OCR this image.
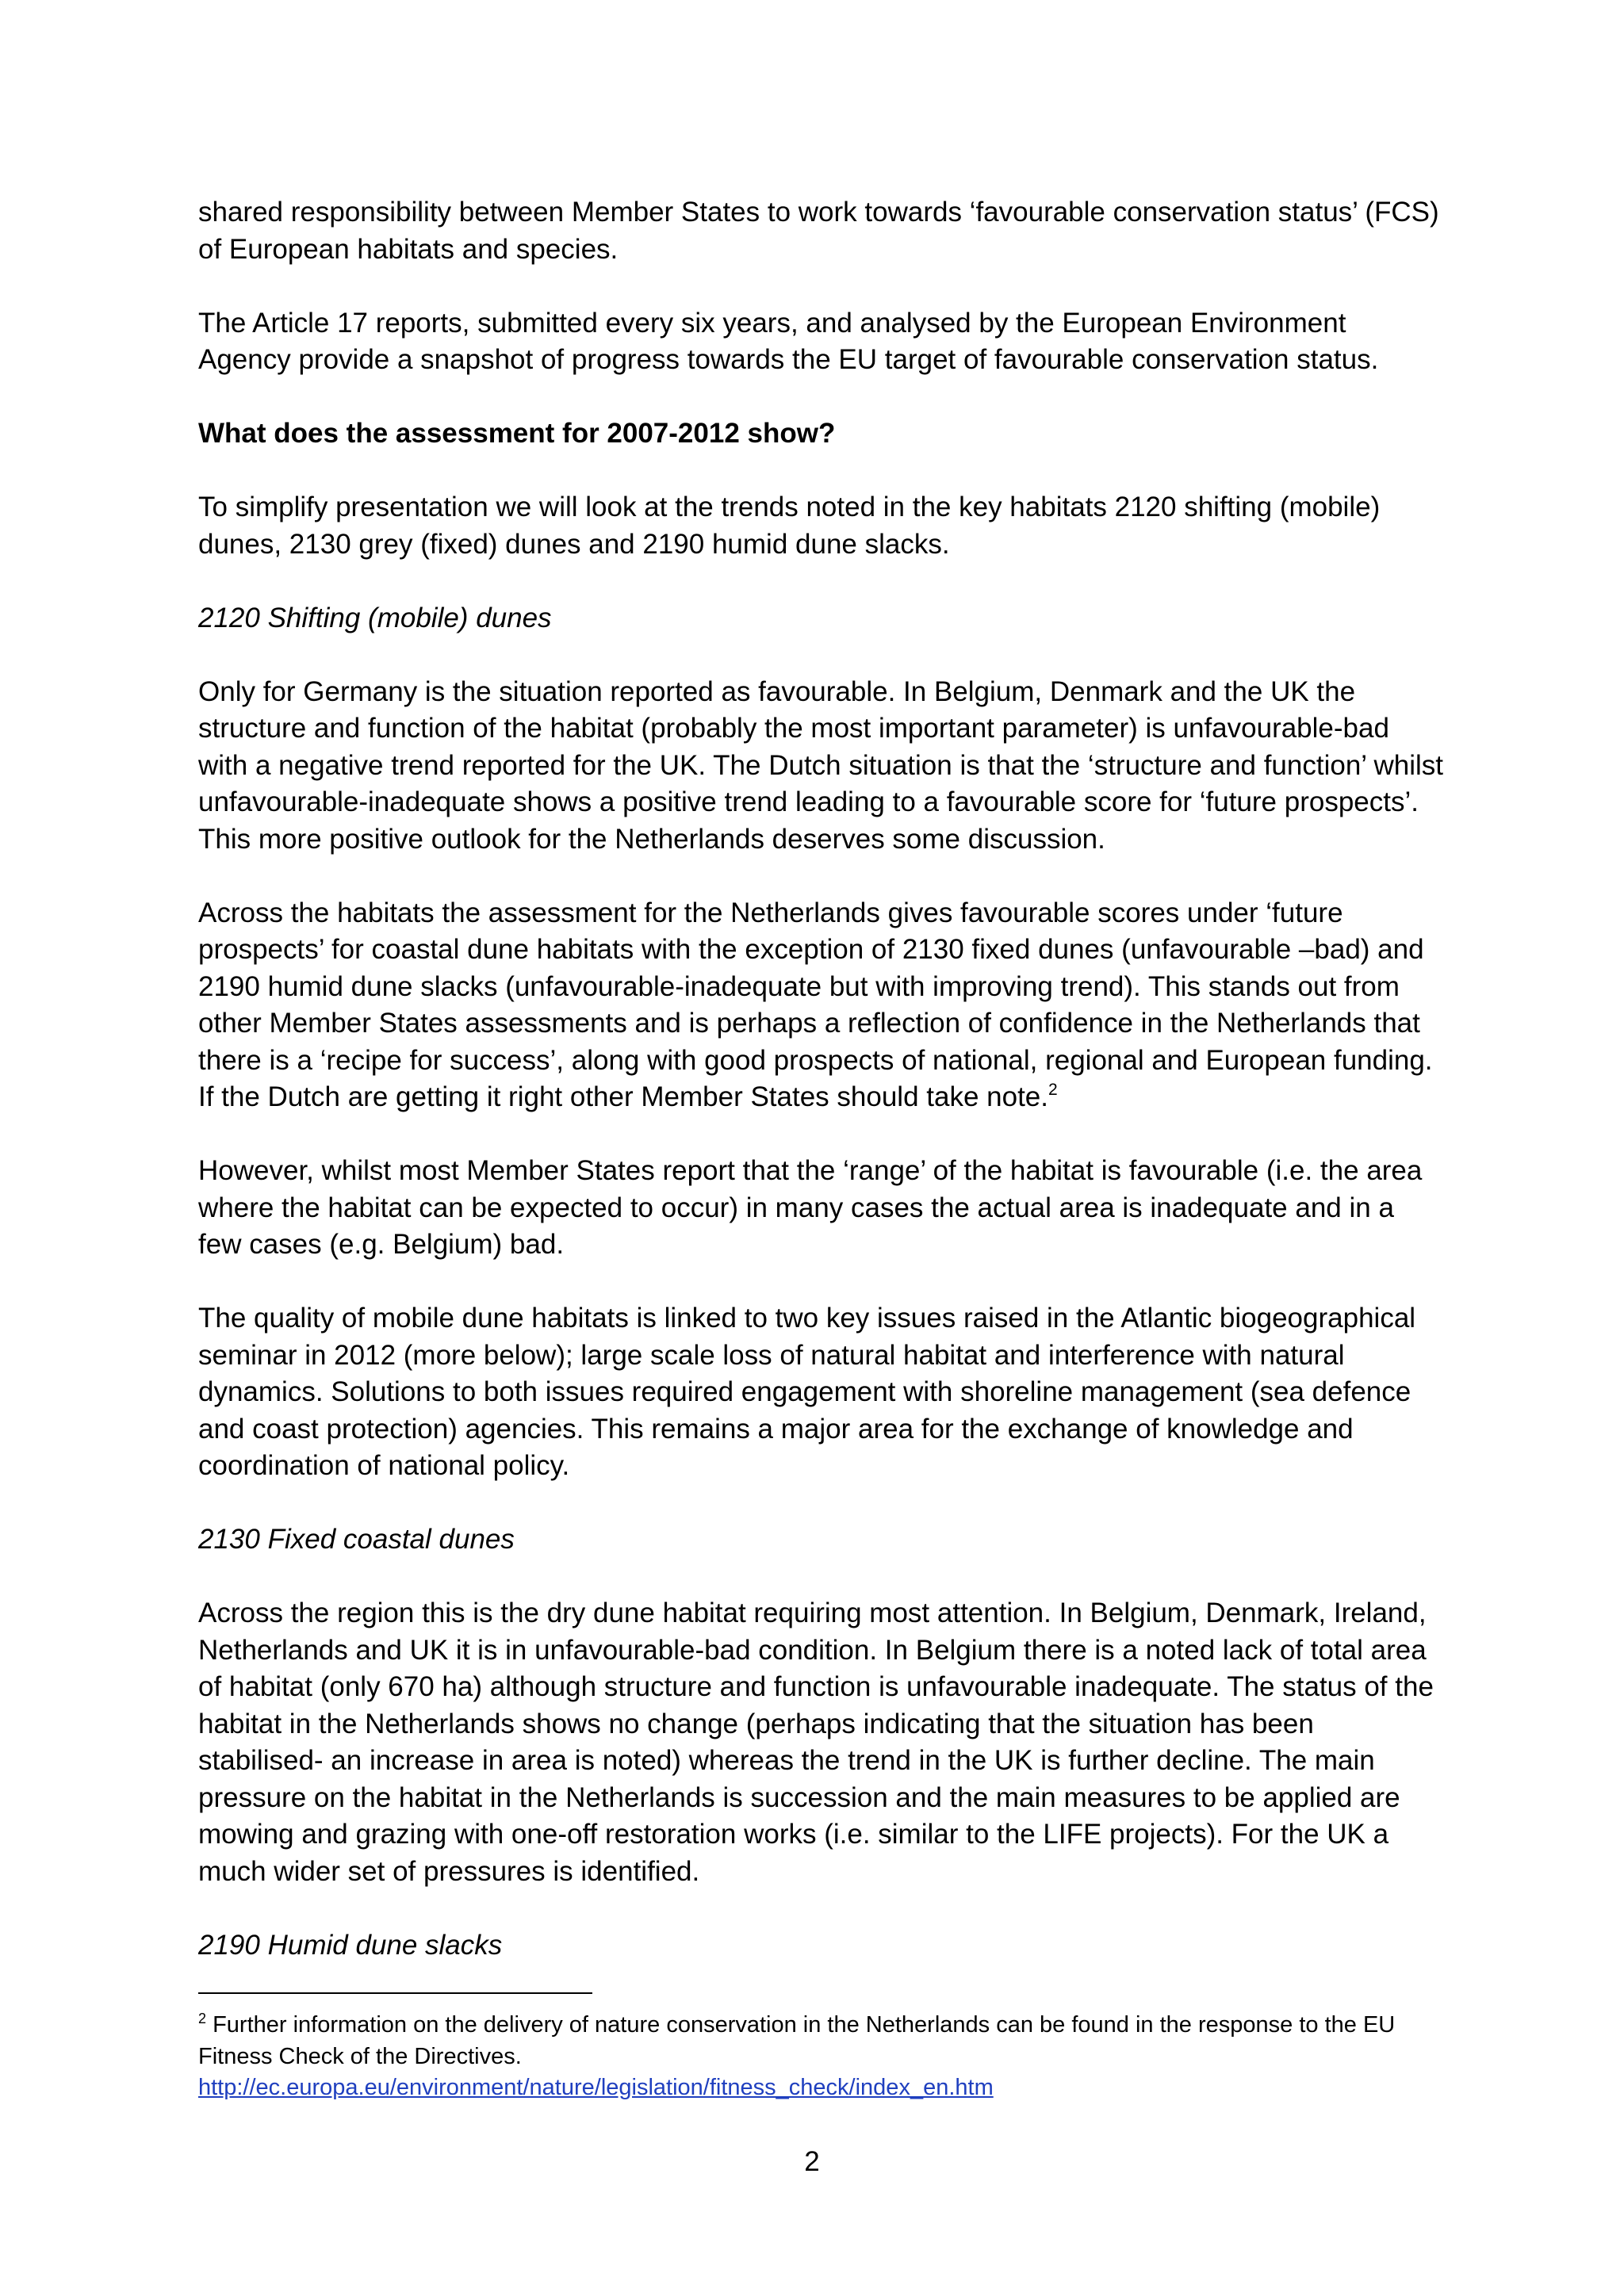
shared responsibility between Member States to work towards ‘favourable conservation status’ (FCS) of European habitats and species.

The Article 17 reports, submitted every six years, and analysed by the European Environment Agency provide a snapshot of progress towards the EU target of favourable conservation status.

What does the assessment for 2007-2012 show?

To simplify presentation we will look at the trends noted in the key habitats 2120 shifting (mobile) dunes, 2130 grey (fixed) dunes and 2190 humid dune slacks.

2120 Shifting (mobile) dunes

Only for Germany is the situation reported as favourable. In Belgium, Denmark and the UK the structure and function of the habitat (probably the most important parameter) is unfavourable-bad with a negative trend reported for the UK. The Dutch situation is that the ‘structure and function’ whilst unfavourable-inadequate shows a positive trend leading to a favourable score for ‘future prospects’. This more positive outlook for the Netherlands deserves some discussion.

Across the habitats the assessment for the Netherlands gives favourable scores under ‘future prospects’ for coastal dune habitats with the exception of 2130 fixed dunes (unfavourable –bad) and 2190 humid dune slacks (unfavourable-inadequate but with improving trend). This stands out from other Member States assessments and is perhaps a reflection of confidence in the Netherlands that there is a ‘recipe for success’, along with good prospects of national, regional and European funding. If the Dutch are getting it right other Member States should take note.$^2$

However, whilst most Member States report that the ‘range’ of the habitat is favourable (i.e. the area where the habitat can be expected to occur) in many cases the actual area is inadequate and in a few cases (e.g. Belgium) bad.

The quality of mobile dune habitats is linked to two key issues raised in the Atlantic biogeographical seminar in 2012 (more below); large scale loss of natural habitat and interference with natural dynamics. Solutions to both issues required engagement with shoreline management (sea defence and coast protection) agencies. This remains a major area for the exchange of knowledge and coordination of national policy.

2130 Fixed coastal dunes

Across the region this is the dry dune habitat requiring most attention. In Belgium, Denmark, Ireland, Netherlands and UK it is in unfavourable-bad condition. In Belgium there is a noted lack of total area of habitat (only 670 ha) although structure and function is unfavourable inadequate. The status of the habitat in the Netherlands shows no change (perhaps indicating that the situation has been stabilised- an increase in area is noted) whereas the trend in the UK is further decline. The main pressure on the habitat in the Netherlands is succession and the main measures to be applied are mowing and grazing with one-off restoration works (i.e. similar to the LIFE projects). For the UK a much wider set of pressures is identified.

2190 Humid dune slacks

$^2$ Further information on the delivery of nature conservation in the Netherlands can be found in the response to the EU Fitness Check of the Directives.

http://ec.europa.eu/environment/nature/legislation/fitness_check/index_en.htm

2
